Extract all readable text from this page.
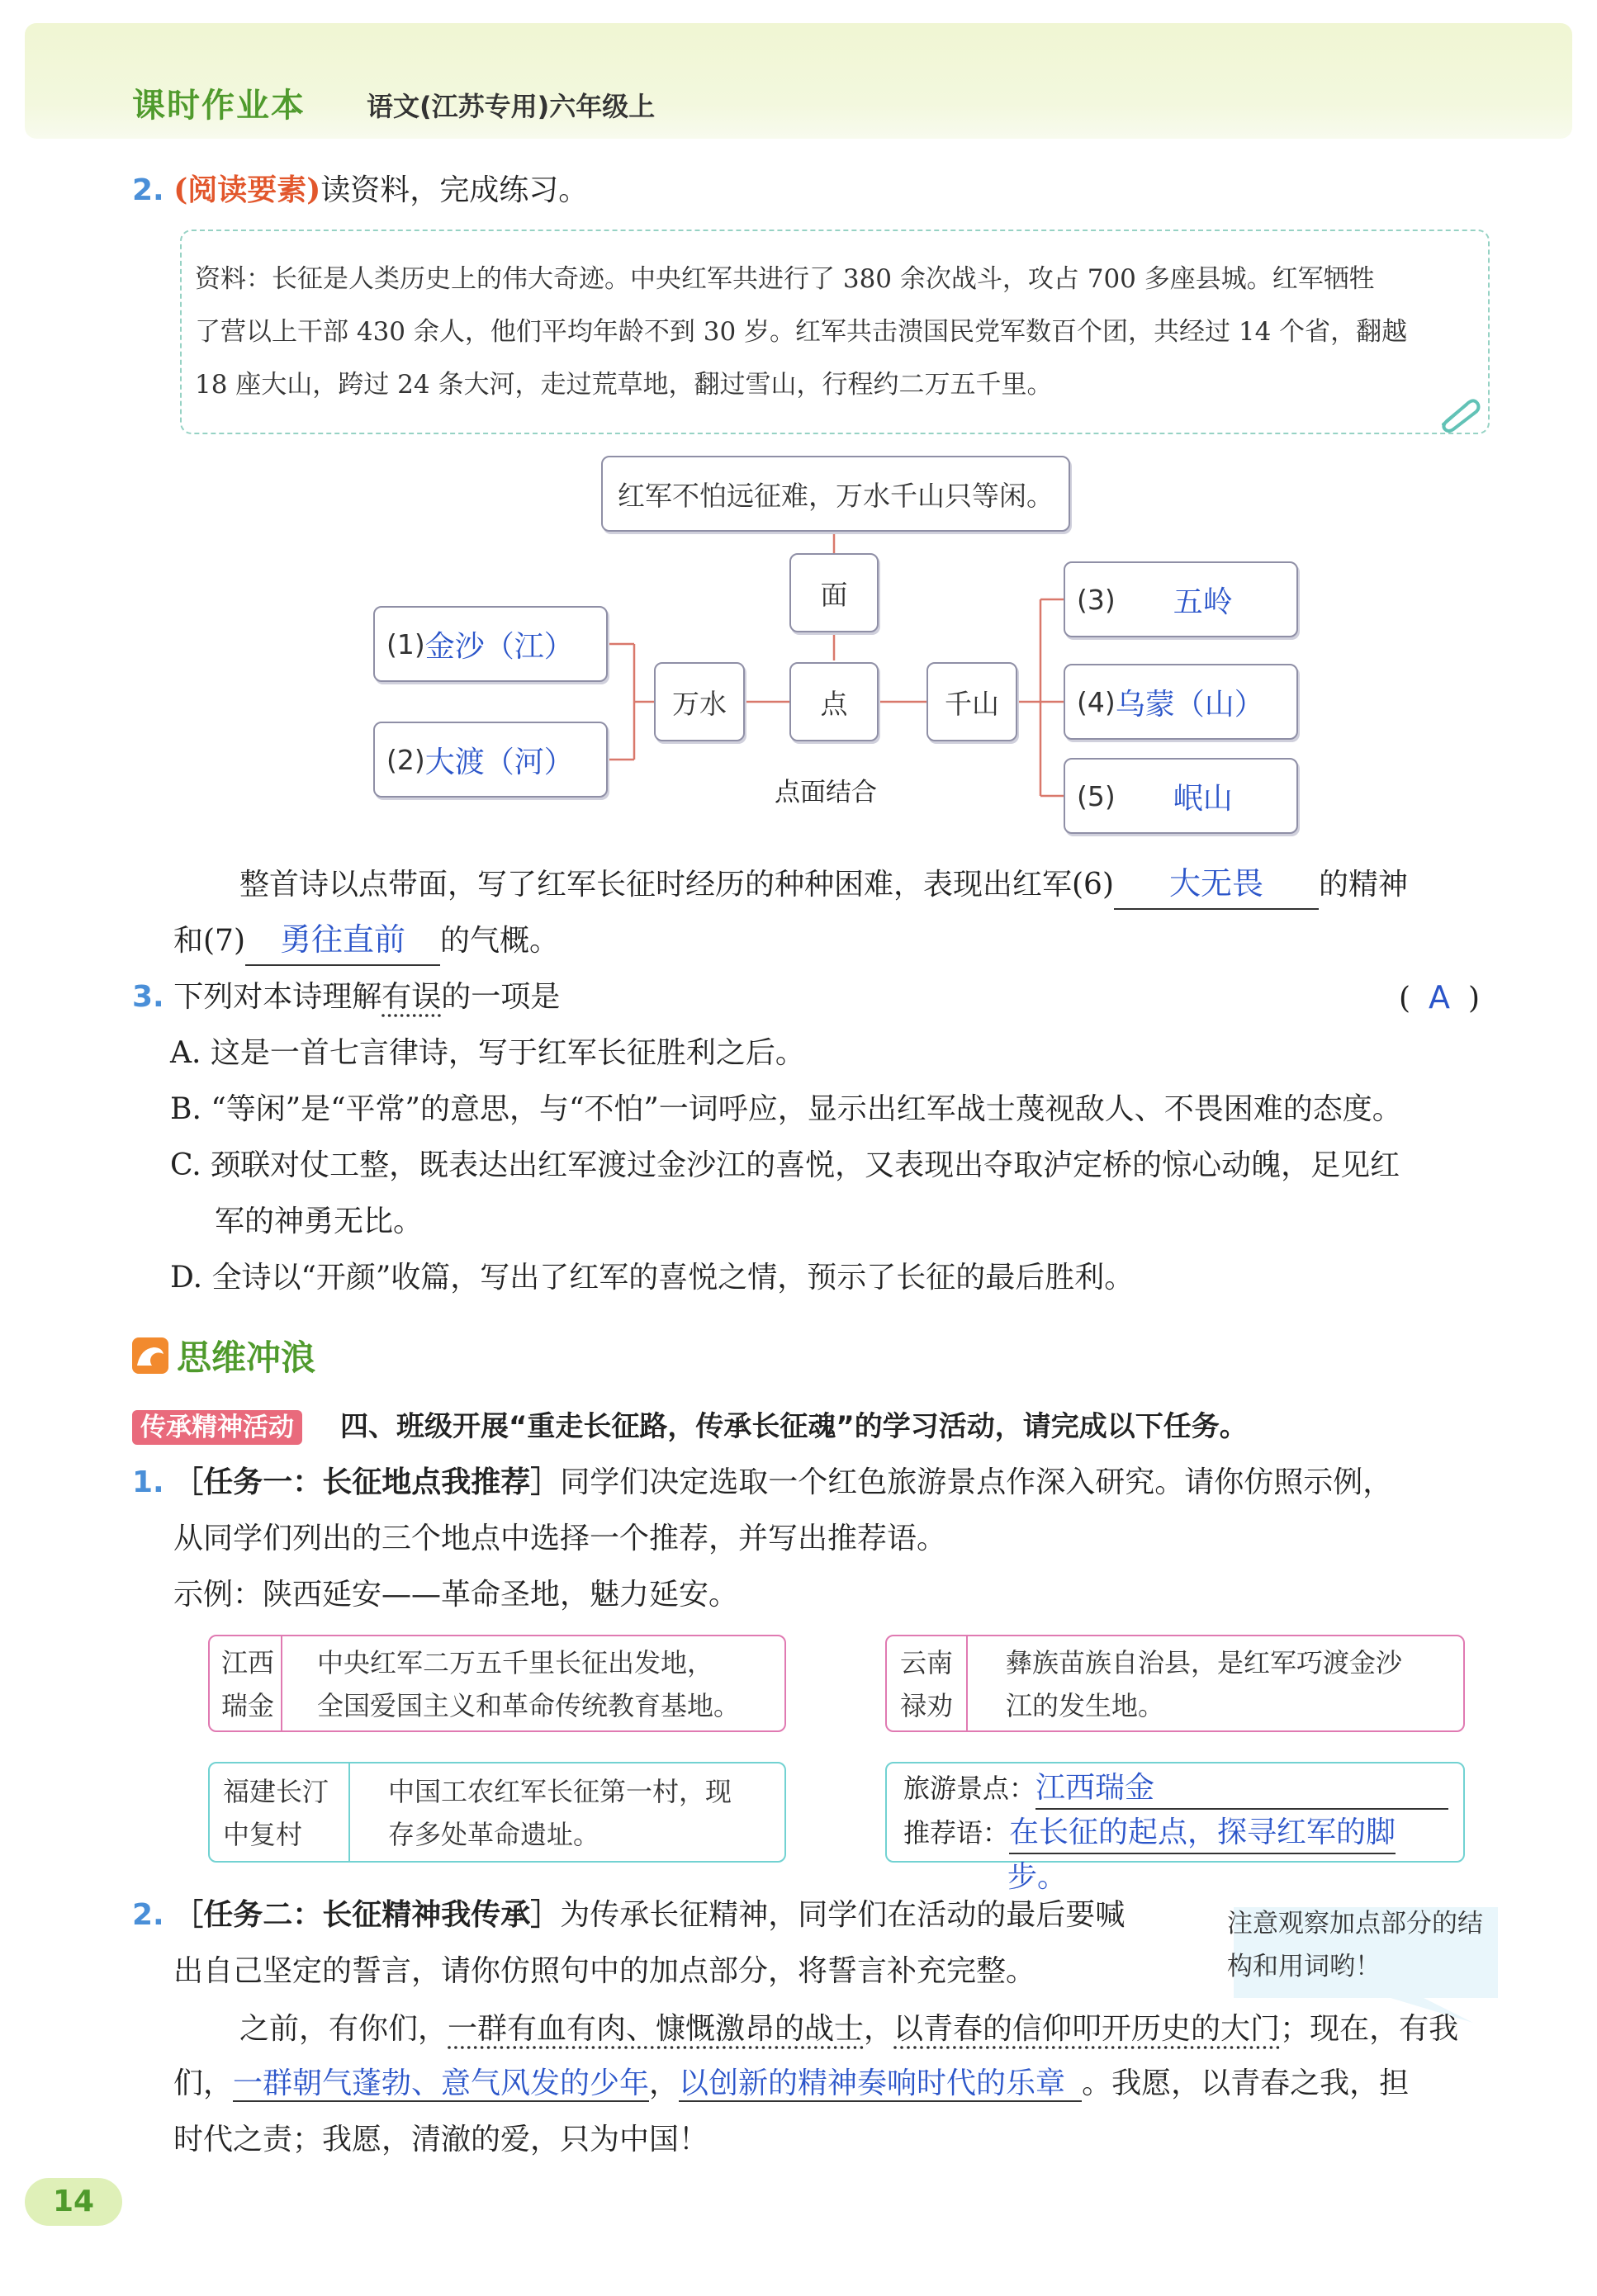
课时作业本 语文(江苏专用)六年级上
2. (阅读要素)读资料，完成练习。
资料：长征是人类历史上的伟大奇迹。中央红军共进行了 380 余次战斗，攻占 700 多座县城。红军牺牲
了营以上干部 430 余人，他们平均年龄不到 30 岁。红军共击溃国民党军数百个团，共经过 14 个省，翻越
18 座大山，跨过 24 条大河，走过荒草地，翻过雪山，行程约二万五千里。
红军不怕远征难，万水千山只等闲。
面
点
万水	千山
点面结合
(1) 金沙（江）
(2) 大渡（河）
(3) 五岭
(4) 乌蒙（山）
(5) 岷山
整首诗以点带面，写了红军长征时经历的种种困难，表现出红军(6) 大无畏 的精神
和(7) 勇往直前 的气概。
3. 下列对本诗理解有误的一项是	( A )
A. 这是一首七言律诗，写于红军长征胜利之后。
B. “等闲”是“平常”的意思，与“不怕”一词呼应，显示出红军战士蔑视敌人、不畏困难的态度。
C. 颈联对仗工整，既表达出红军渡过金沙江的喜悦，又表现出夺取泸定桥的惊心动魄，足见红
军的神勇无比。
D. 全诗以“开颜”收篇，写出了红军的喜悦之情，预示了长征的最后胜利。
思维冲浪
传承精神活动 四、班级开展“重走长征路，传承长征魂”的学习活动，请完成以下任务。
1. ［任务一：长征地点我推荐］同学们决定选取一个红色旅游景点作深入研究。请你仿照示例，
从同学们列出的三个地点中选择一个推荐，并写出推荐语。
示例：陕西延安——革命圣地，魅力延安。
江西
瑞金
中央红军二万五千里长征出发地，
全国爱国主义和革命传统教育基地。
云南
禄劝
彝族苗族自治县，是红军巧渡金沙
江的发生地。
福建长汀
中复村
中国工农红军长征第一村，现
存多处革命遗址。
旅游景点：江西瑞金
推荐语：在长征的起点，探寻红军的脚
步。
2. ［任务二：长征精神我传承］为传承长征精神，同学们在活动的最后要喊
出自己坚定的誓言，请你仿照句中的加点部分，将誓言补充完整。
注意观察加点部分的结构和用词哟！
之前，有你们，一群有血有肉、慷慨激昂的战士，以青春的信仰叩开历史的大门；现在，有我
们，一群朝气蓬勃、意气风发的少年，以创新的精神奏响时代的乐章 。我愿，以青春之我，担
时代之责；我愿，清澈的爱，只为中国！
14
